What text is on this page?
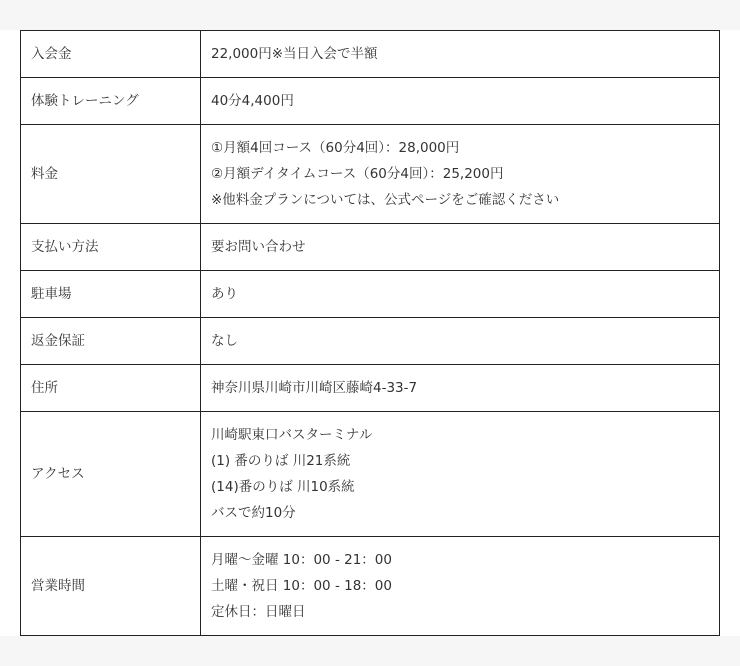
入会金	22,000円※当日入会で半額

体験トレーニング	40分4,400円

料金	①月額4回コース（60分4回）：28,000円
②月額デイタイムコース（60分4回）：25,200円
※他料金プランについては、公式ページをご確認ください

支払い方法	要お問い合わせ

駐車場	あり

返金保証	なし

住所	神奈川県川崎市川崎区藤崎4-33-7

アクセス	川崎駅東口バスターミナル
(1) 番のりば 川21系統
(14)番のりば 川10系統
バスで約10分

営業時間	月曜〜金曜 10：00 - 21：00
土曜・祝日 10：00 - 18：00
定休日：日曜日
